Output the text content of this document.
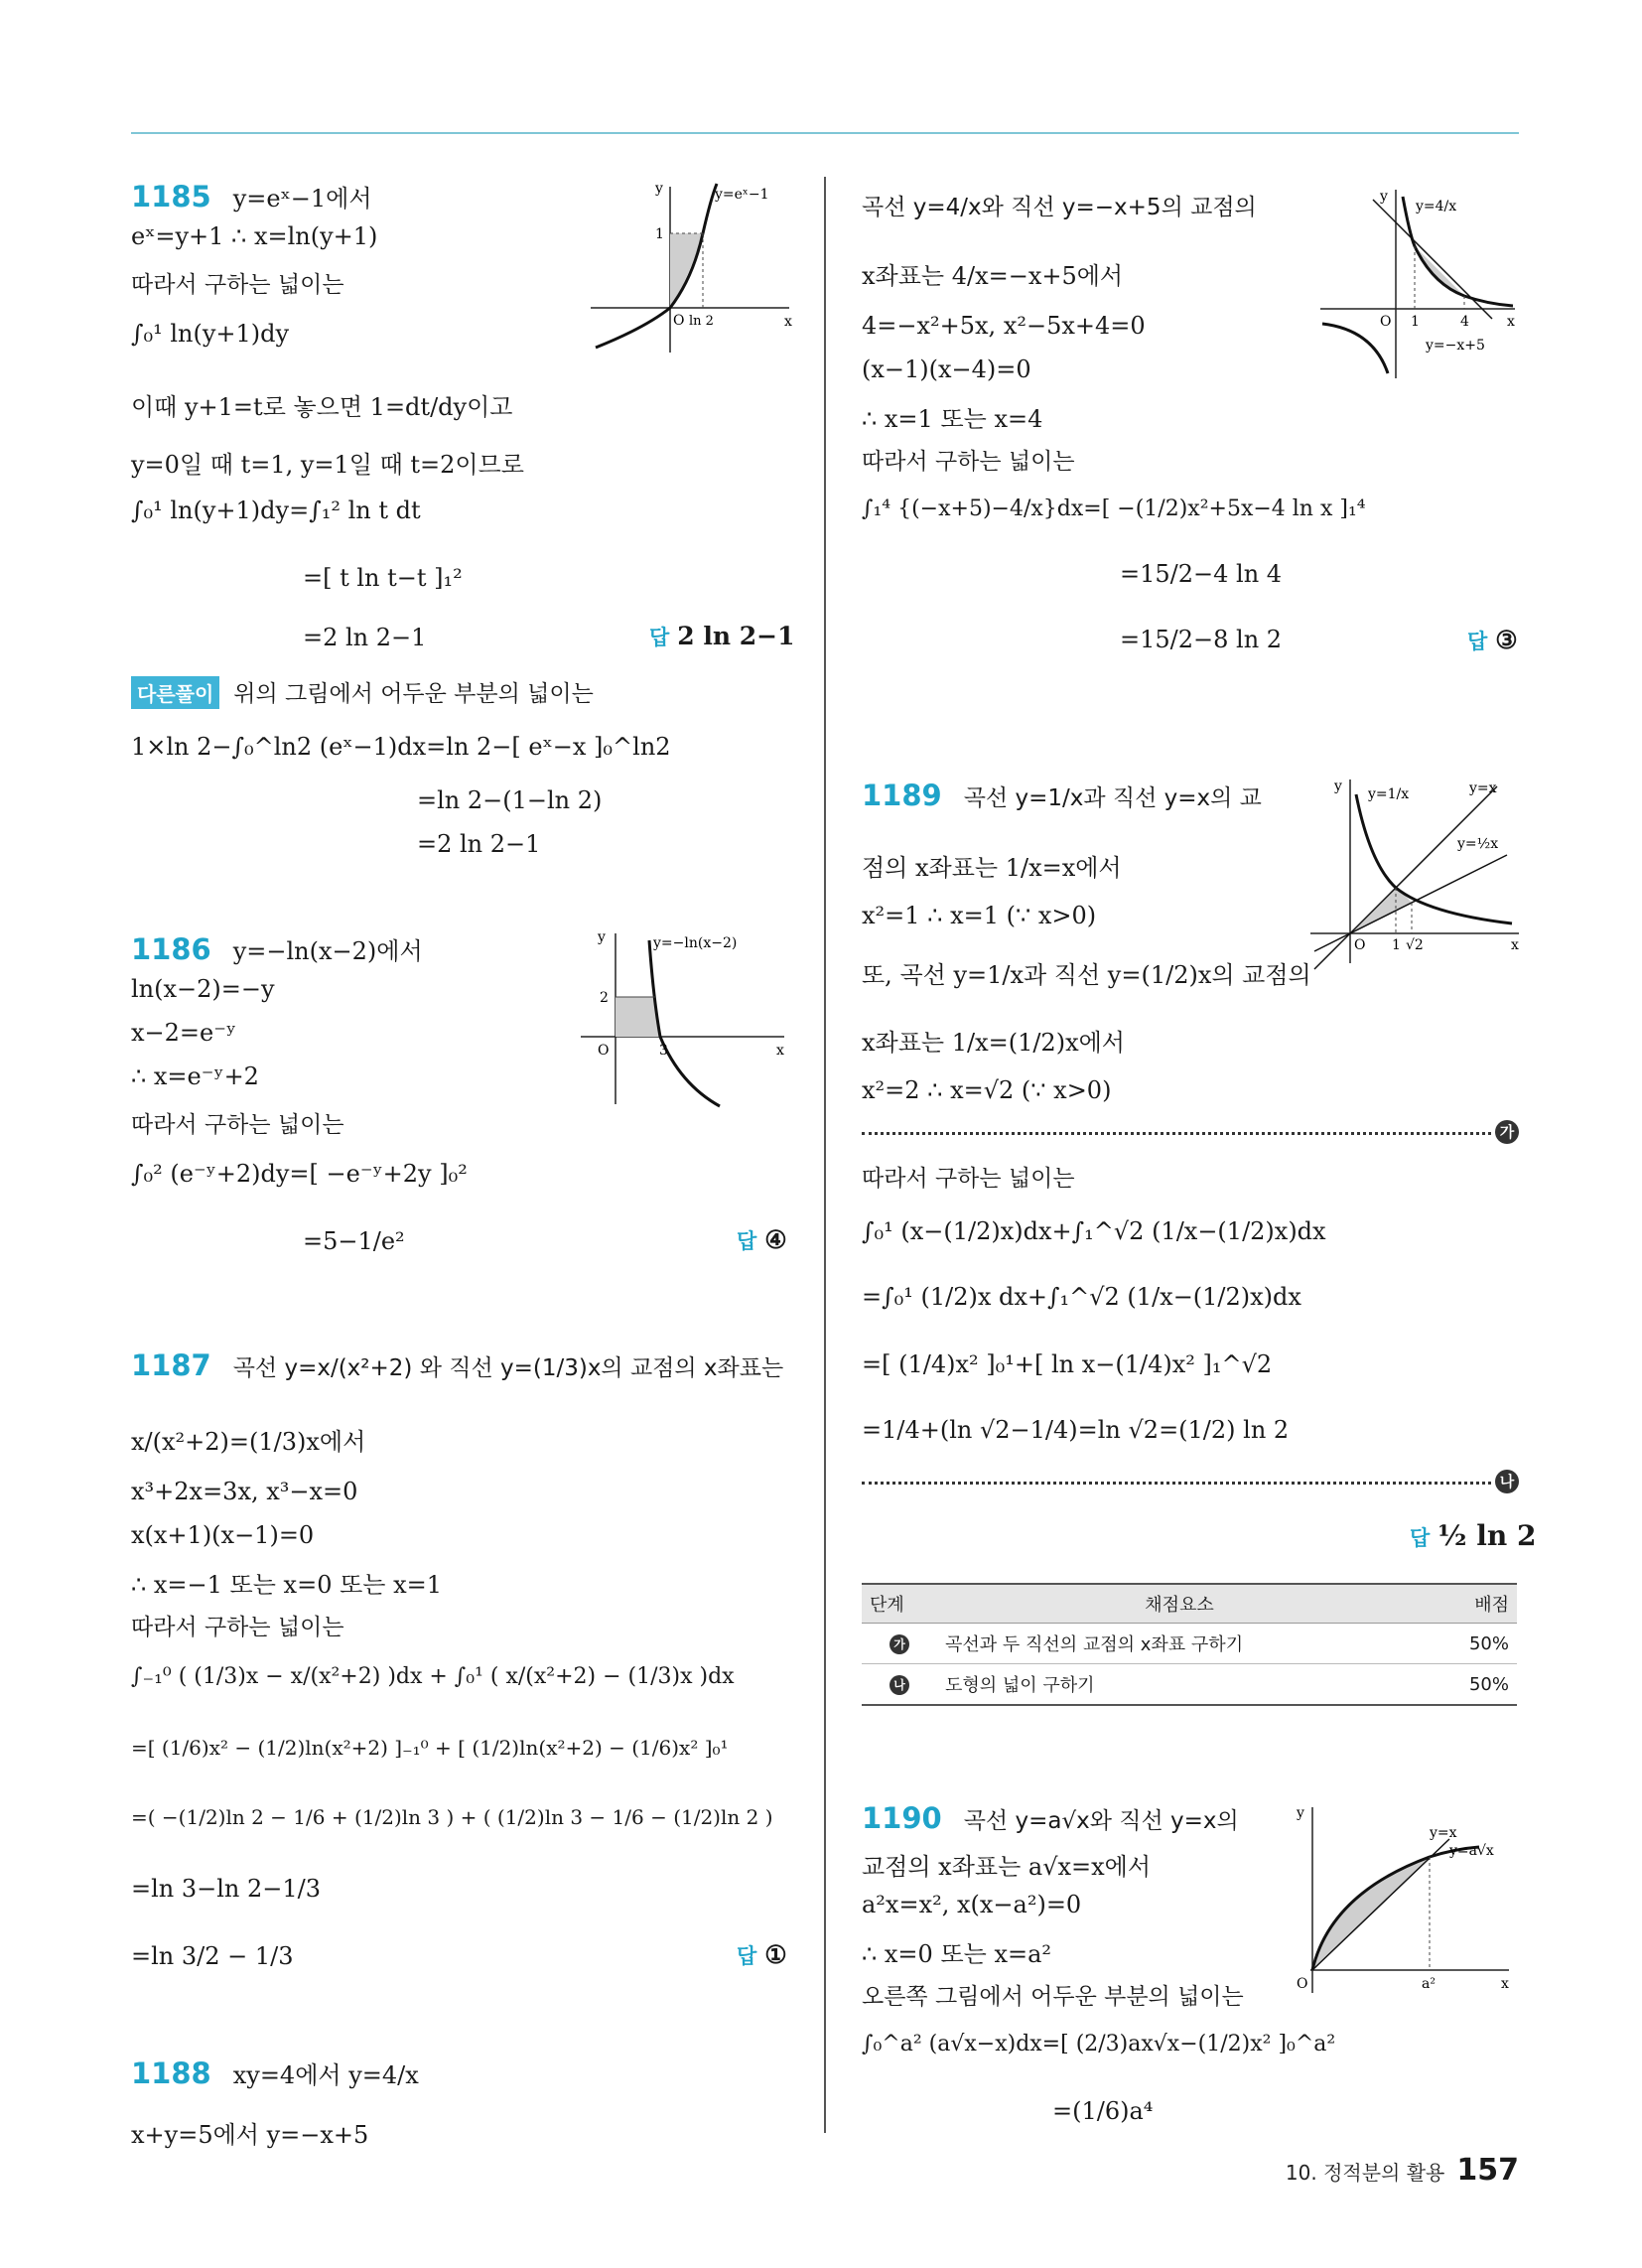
1185 y=eˣ−1에서
eˣ=y+1 ∴ x=ln(y+1)
따라서 구하는 넓이는
∫₀¹ ln(y+1)dy
이때 y+1=t로 놓으면 1=dt/dy이고
y=0일 때 t=1, y=1일 때 t=2이므로
∫₀¹ ln(y+1)dy=∫₁² ln t dt
=[ t ln t−t ]₁²
=2 ln 2−1	답 2 ln 2−1
다른풀이 위의 그림에서 어두운 부분의 넓이는
1×ln 2−∫₀^ln2 (eˣ−1)dx=ln 2−[ eˣ−x ]₀^ln2
=ln 2−(1−ln 2)
=2 ln 2−1
y
x
O ln 2
1
y=eˣ−1
1186 y=−ln(x−2)에서
ln(x−2)=−y
x−2=e⁻ʸ
∴ x=e⁻ʸ+2
따라서 구하는 넓이는
∫₀² (e⁻ʸ+2)dy=[ −e⁻ʸ+2y ]₀²
=5−1/e²	답 ④
y
x
O	3
2
y=−ln(x−2)
1187 곡선 y=x/(x²+2) 와 직선 y=(1/3)x의 교점의 x좌표는
x/(x²+2)=(1/3)x에서
x³+2x=3x, x³−x=0
x(x+1)(x−1)=0
∴ x=−1 또는 x=0 또는 x=1
따라서 구하는 넓이는
∫₋₁⁰ ( (1/3)x − x/(x²+2) )dx + ∫₀¹ ( x/(x²+2) − (1/3)x )dx
=[ (1/6)x² − (1/2)ln(x²+2) ]₋₁⁰ + [ (1/2)ln(x²+2) − (1/6)x² ]₀¹
=( −(1/2)ln 2 − 1/6 + (1/2)ln 3 ) + ( (1/2)ln 3 − 1/6 − (1/2)ln 2 )
=ln 3−ln 2−1/3
=ln 3/2 − 1/3	답 ①
1188 xy=4에서 y=4/x
x+y=5에서 y=−x+5
곡선 y=4/x와 직선 y=−x+5의 교점의
x좌표는 4/x=−x+5에서
4=−x²+5x, x²−5x+4=0
(x−1)(x−4)=0
∴ x=1 또는 x=4
따라서 구하는 넓이는
∫₁⁴ {(−x+5)−4/x}dx=[ −(1/2)x²+5x−4 ln x ]₁⁴
=15/2−4 ln 4
=15/2−8 ln 2	답 ③
y
x
O 1	4
y=4/x
y=−x+5
1189 곡선 y=1/x과 직선 y=x의 교
점의 x좌표는 1/x=x에서
x²=1 ∴ x=1 (∵ x>0)
또, 곡선 y=1/x과 직선 y=(1/2)x의 교점의
x좌표는 1/x=(1/2)x에서
x²=2 ∴ x=√2 (∵ x>0)
가
따라서 구하는 넓이는
∫₀¹ (x−(1/2)x)dx+∫₁^√2 (1/x−(1/2)x)dx
=∫₀¹ (1/2)x dx+∫₁^√2 (1/x−(1/2)x)dx
=[ (1/4)x² ]₀¹+[ ln x−(1/4)x² ]₁^√2
=1/4+(ln √2−1/4)=ln √2=(1/2) ln 2
나
답 ½ ln 2
y
x
O 1 √2
y=1/x	y=x
y=½x
단계	채점요소	배점
가	곡선과 두 직선의 교점의 x좌표 구하기	50%
나	도형의 넓이 구하기	50%
1190 곡선 y=a√x와 직선 y=x의
교점의 x좌표는 a√x=x에서
a²x=x², x(x−a²)=0
∴ x=0 또는 x=a²
오른쪽 그림에서 어두운 부분의 넓이는
∫₀^a² (a√x−x)dx=[ (2/3)ax√x−(1/2)x² ]₀^a²
=(1/6)a⁴
y
x
O	a²
y=x
y=a√x
10. 정적분의 활용 157
